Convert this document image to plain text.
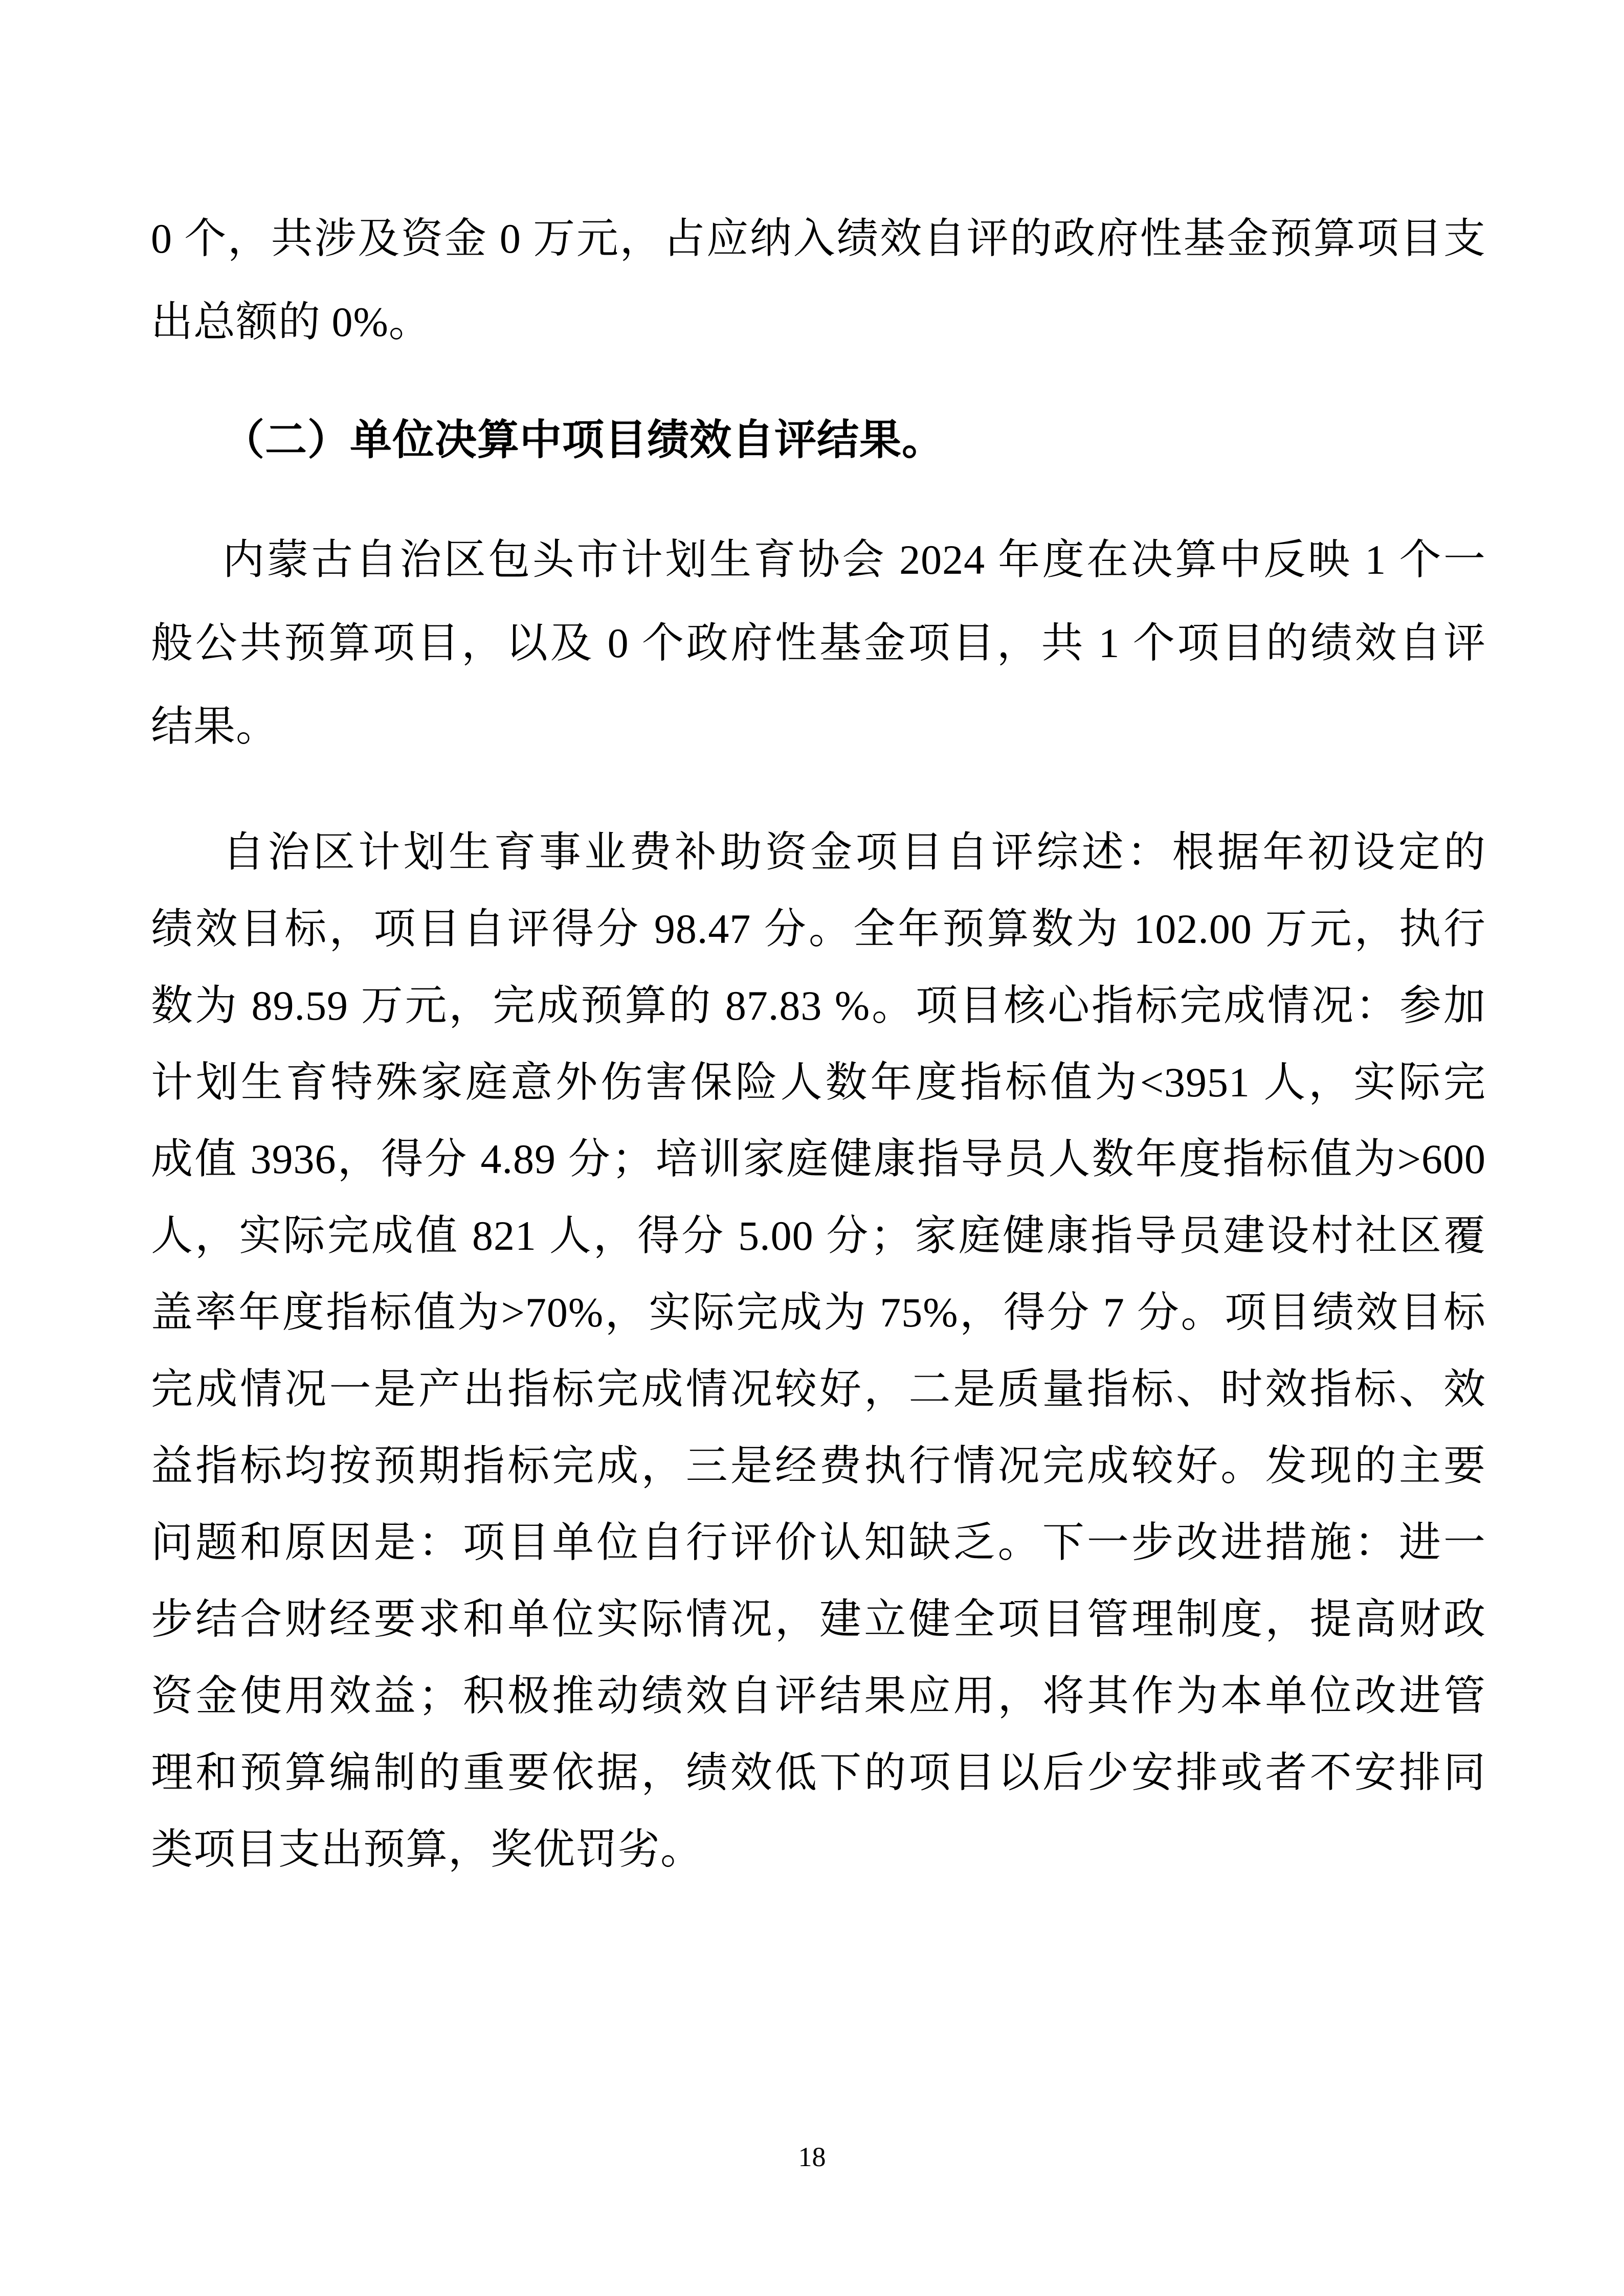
0 个，共涉及资金 0 万元，占应纳入绩效自评的政府性基金预算项目支
出总额的 0%。
（二）单位决算中项目绩效自评结果。
内蒙古自治区包头市计划生育协会 2024 年度在决算中反映 1 个一
般公共预算项目，以及 0 个政府性基金项目，共 1 个项目的绩效自评
结果。
自治区计划生育事业费补助资金项目自评综述：根据年初设定的
绩效目标，项目自评得分 98.47 分。全年预算数为 102.00 万元，执行
数为 89.59 万元，完成预算的 87.83 %。项目核心指标完成情况：参加
计划生育特殊家庭意外伤害保险人数年度指标值为<3951 人，实际完
成值 3936，得分 4.89 分；培训家庭健康指导员人数年度指标值为>600
人，实际完成值 821 人，得分 5.00 分；家庭健康指导员建设村社区覆
盖率年度指标值为>70%，实际完成为 75%，得分 7 分。项目绩效目标
完成情况一是产出指标完成情况较好，二是质量指标、时效指标、效
益指标均按预期指标完成，三是经费执行情况完成较好。发现的主要
问题和原因是：项目单位自行评价认知缺乏。下一步改进措施：进一
步结合财经要求和单位实际情况，建立健全项目管理制度，提高财政
资金使用效益；积极推动绩效自评结果应用，将其作为本单位改进管
理和预算编制的重要依据，绩效低下的项目以后少安排或者不安排同
类项目支出预算，奖优罚劣。
18
